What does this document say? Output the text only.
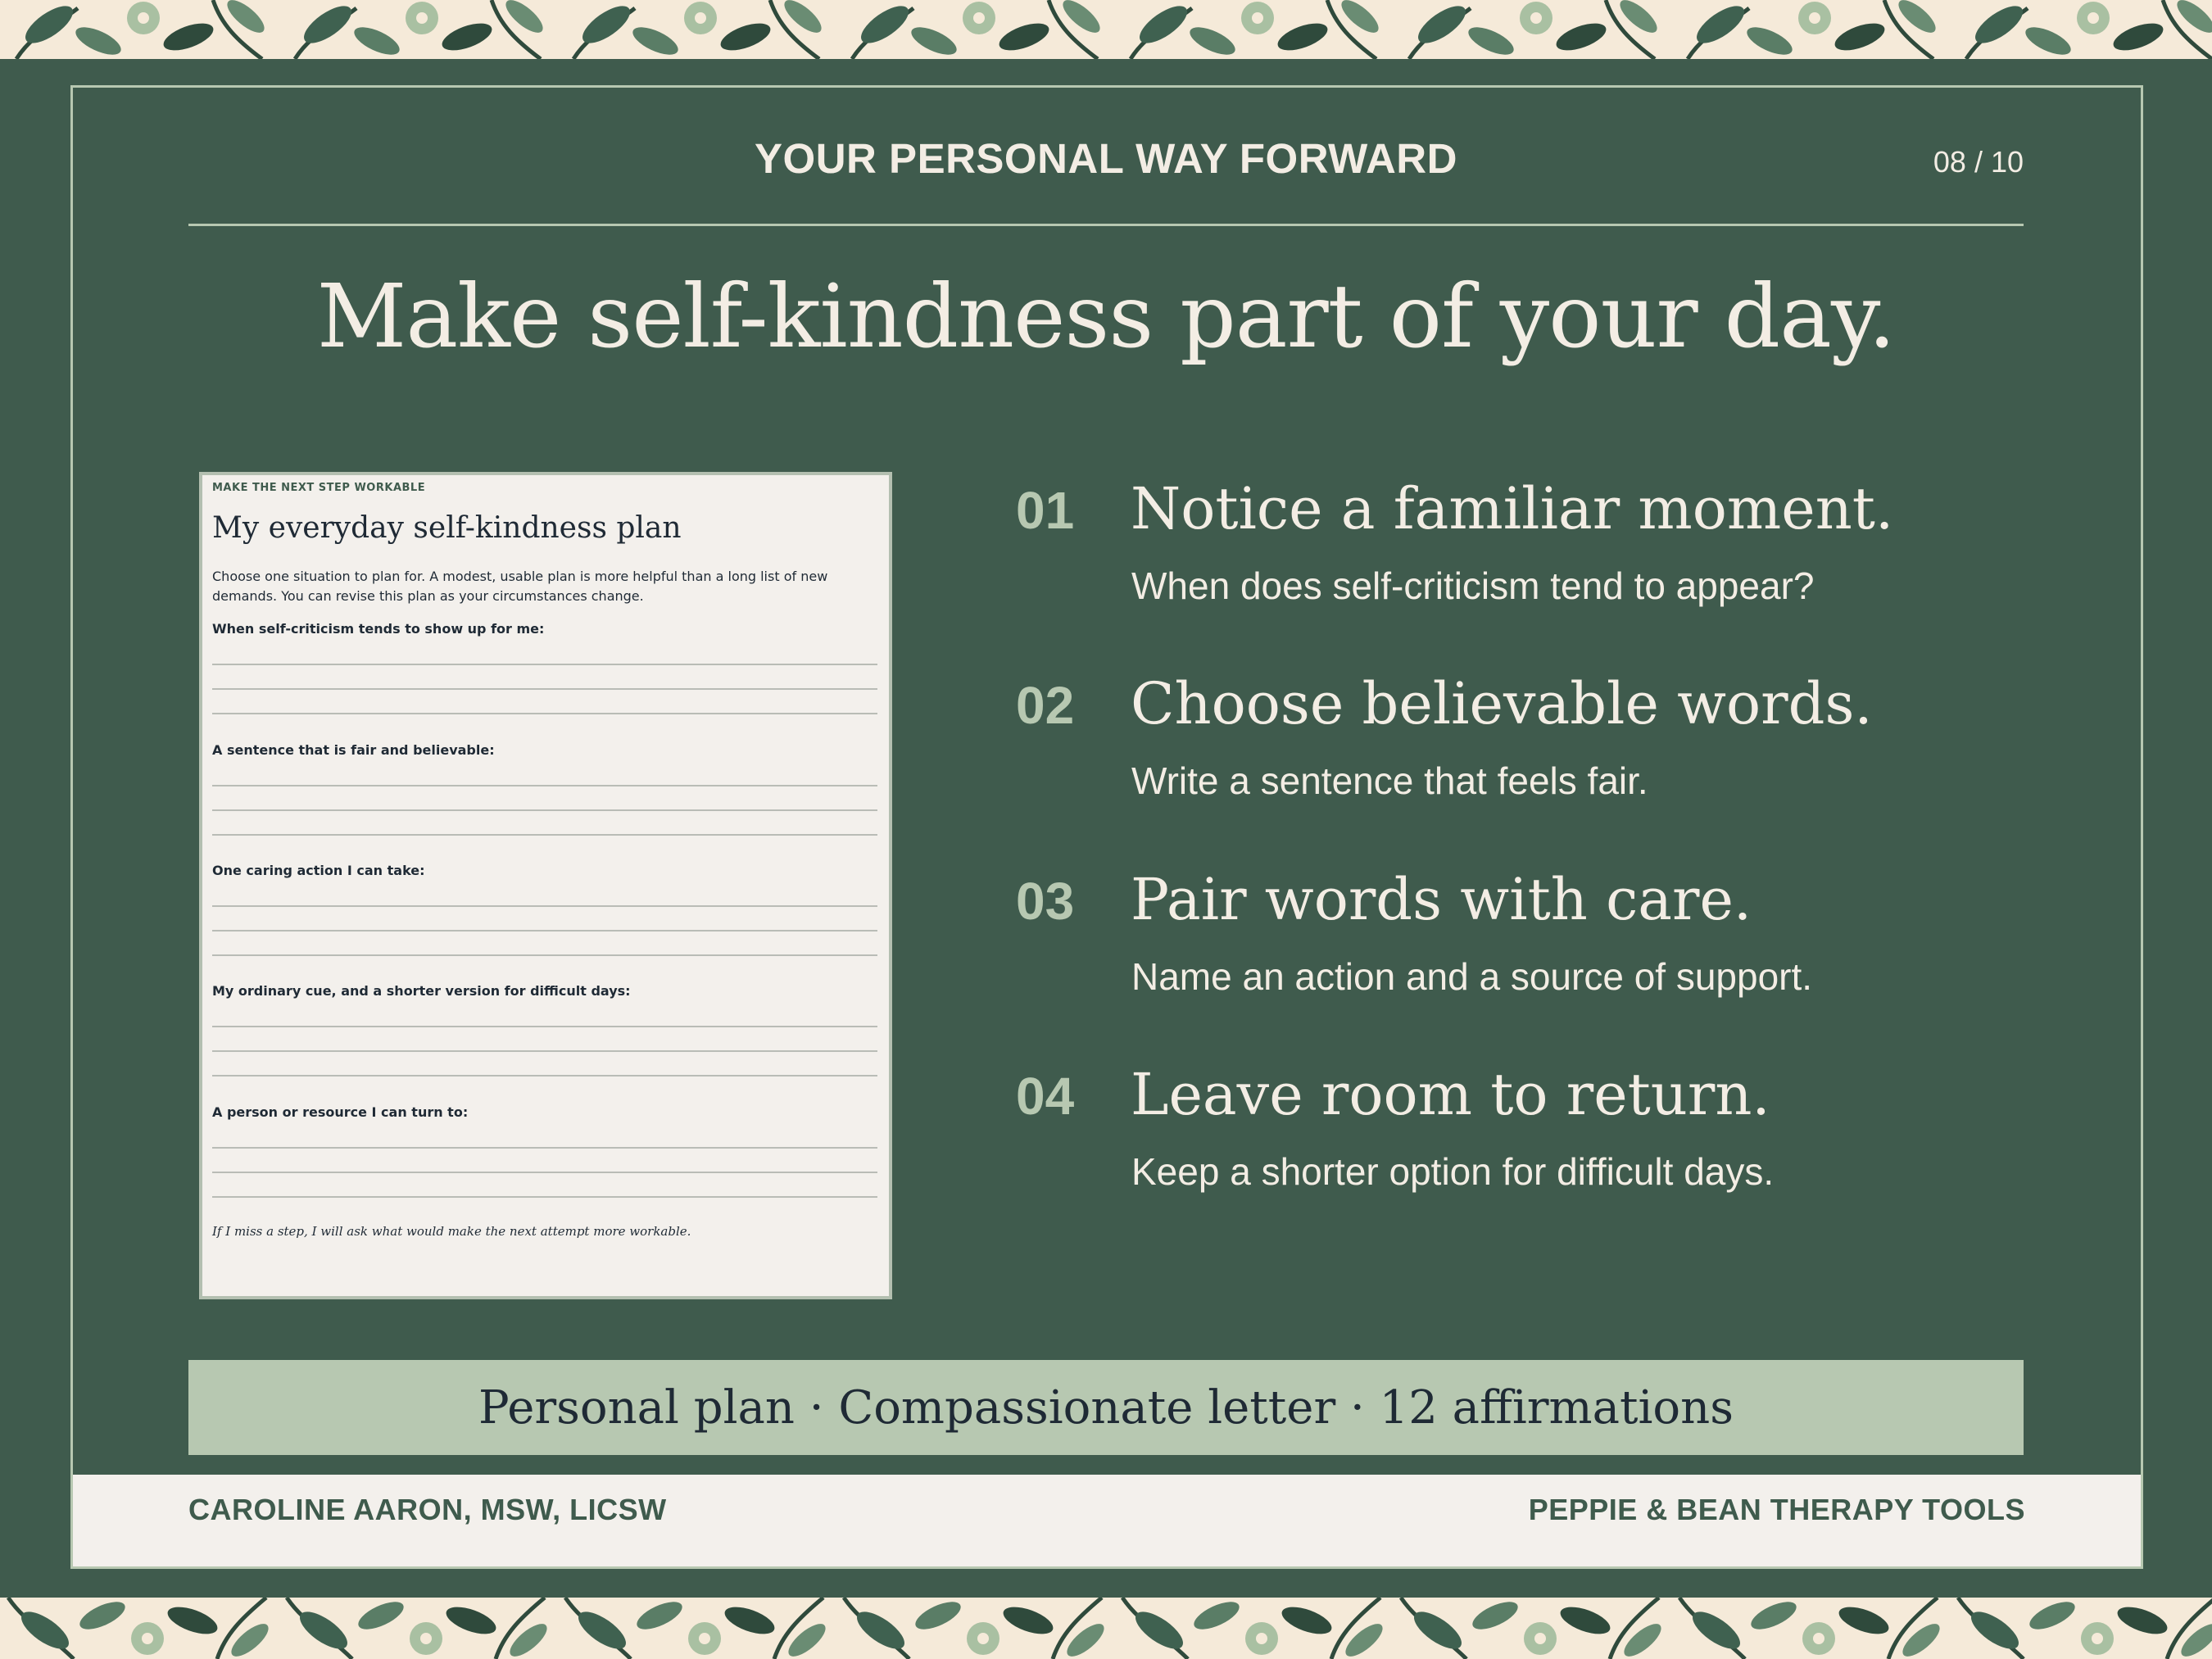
YOUR PERSONAL WAY FORWARD	08 / 10
Make self-kindness part of your day.
MAKE THE NEXT STEP WORKABLE
My everyday self-kindness plan
Choose one situation to plan for. A modest, usable plan is more helpful than a long list of new demands. You can revise this plan as your circumstances change.
When self-criticism tends to show up for me:
A sentence that is fair and believable:
One caring action I can take:
My ordinary cue, and a shorter version for difficult days:
A person or resource I can turn to:
If I miss a step, I will ask what would make the next attempt more workable.
01 Notice a familiar moment.
When does self-criticism tend to appear?
02 Choose believable words.
Write a sentence that feels fair.
03 Pair words with care.
Name an action and a source of support.
04 Leave room to return.
Keep a shorter option for difficult days.
Personal plan · Compassionate letter · 12 affirmations
CAROLINE AARON, MSW, LICSW	PEPPIE & BEAN THERAPY TOOLS
